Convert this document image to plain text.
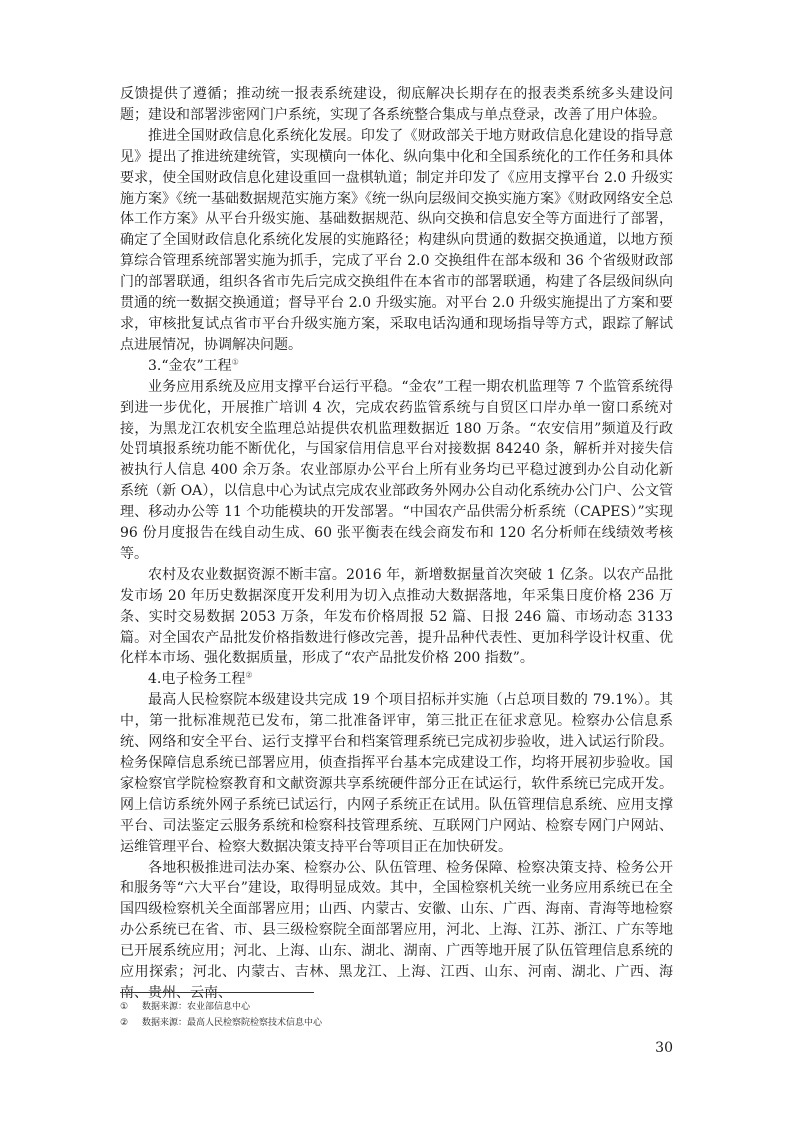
反馈提供了遵循；推动统一报表系统建设，彻底解决长期存在的报表类系统多头建设问题；建设和部署涉密网门户系统，实现了各系统整合集成与单点登录，改善了用户体验。

推进全国财政信息化系统化发展。印发了《财政部关于地方财政信息化建设的指导意见》提出了推进统建统管，实现横向一体化、纵向集中化和全国系统化的工作任务和具体要求，使全国财政信息化建设重回一盘棋轨道；制定并印发了《应用支撑平台 2.0 升级实施方案》《统一基础数据规范实施方案》《统一纵向层级间交换实施方案》《财政网络安全总体工作方案》从平台升级实施、基础数据规范、纵向交换和信息安全等方面进行了部署，确定了全国财政信息化系统化发展的实施路径；构建纵向贯通的数据交换通道，以地方预算综合管理系统部署实施为抓手，完成了平台 2.0 交换组件在部本级和 36 个省级财政部门的部署联通，组织各省市先后完成交换组件在本省市的部署联通，构建了各层级间纵向贯通的统一数据交换通道；督导平台 2.0 升级实施。对平台 2.0 升级实施提出了方案和要求，审核批复试点省市平台升级实施方案，采取电话沟通和现场指导等方式，跟踪了解试点进展情况，协调解决问题。

3.“金农”工程①

业务应用系统及应用支撑平台运行平稳。“金农”工程一期农机监理等 7 个监管系统得到进一步优化，开展推广培训 4 次，完成农药监管系统与自贸区口岸办单一窗口系统对接，为黑龙江农机安全监理总站提供农机监理数据近 180 万条。“农安信用”频道及行政处罚填报系统功能不断优化，与国家信用信息平台对接数据 84240 条，解析并对接失信被执行人信息 400 余万条。农业部原办公平台上所有业务均已平稳过渡到办公自动化新系统（新 OA），以信息中心为试点完成农业部政务外网办公自动化系统办公门户、公文管理、移动办公等 11 个功能模块的开发部署。“中国农产品供需分析系统（CAPES）”实现 96 份月度报告在线自动生成、60 张平衡表在线会商发布和 120 名分析师在线绩效考核等。

农村及农业数据资源不断丰富。2016 年，新增数据量首次突破 1 亿条。以农产品批发市场 20 年历史数据深度开发利用为切入点推动大数据落地，年采集日度价格 236 万条、实时交易数据 2053 万条，年发布价格周报 52 篇、日报 246 篇、市场动态 3133 篇。对全国农产品批发价格指数进行修改完善，提升品种代表性、更加科学设计权重、优化样本市场、强化数据质量，形成了“农产品批发价格 200 指数”。

4.电子检务工程②

最高人民检察院本级建设共完成 19 个项目招标并实施（占总项目数的 79.1%）。其中，第一批标准规范已发布，第二批准备评审，第三批正在征求意见。检察办公信息系统、网络和安全平台、运行支撑平台和档案管理系统已完成初步验收，进入试运行阶段。检务保障信息系统已部署应用，侦查指挥平台基本完成建设工作，均将开展初步验收。国家检察官学院检察教育和文献资源共享系统硬件部分正在试运行，软件系统已完成开发。网上信访系统外网子系统已试运行，内网子系统正在试用。队伍管理信息系统、应用支撑平台、司法鉴定云服务系统和检察科技管理系统、互联网门户网站、检察专网门户网站、运维管理平台、检察大数据决策支持平台等项目正在加快研发。

各地积极推进司法办案、检察办公、队伍管理、检务保障、检察决策支持、检务公开和服务等“六大平台”建设，取得明显成效。其中，全国检察机关统一业务应用系统已在全国四级检察机关全面部署应用；山西、内蒙古、安徽、山东、广西、海南、青海等地检察办公系统已在省、市、县三级检察院全面部署应用，河北、上海、江苏、浙江、广东等地已开展系统应用；河北、上海、山东、湖北、湖南、广西等地开展了队伍管理信息系统的应用探索；河北、内蒙古、吉林、黑龙江、上海、江西、山东、河南、湖北、广西、海南、贵州、云南、

① 数据来源：农业部信息中心

② 数据来源：最高人民检察院检察技术信息中心

30
